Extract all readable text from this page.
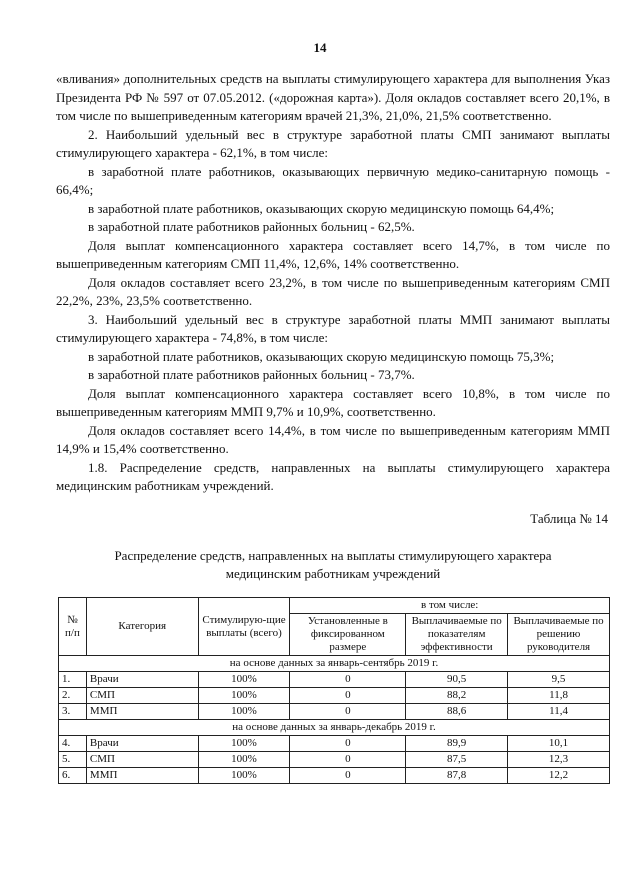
14

«вливания» дополнительных средств на выплаты стимулирующего характера для выполнения Указ Президента РФ № 597 от 07.05.2012. («дорожная карта»). Доля окладов составляет всего 20,1%, в том числе по вышеприведенным категориям врачей 21,3%, 21,0%, 21,5% соответственно.

2. Наибольший удельный вес в структуре заработной платы СМП занимают выплаты стимулирующего характера - 62,1%, в том числе:

в заработной плате работников, оказывающих первичную медико-санитарную помощь - 66,4%;

в заработной плате работников, оказывающих скорую медицинскую помощь 64,4%;

в заработной плате работников районных больниц - 62,5%.

Доля выплат компенсационного характера составляет всего 14,7%, в том числе по вышеприведенным категориям СМП 11,4%, 12,6%, 14% соответственно.

Доля окладов составляет всего 23,2%, в том числе по вышеприведенным категориям СМП 22,2%, 23%, 23,5% соответственно.

3. Наибольший удельный вес в структуре заработной платы ММП занимают выплаты стимулирующего характера - 74,8%, в том числе:

в заработной плате работников, оказывающих скорую медицинскую помощь 75,3%;

в заработной плате работников районных больниц - 73,7%.

Доля выплат компенсационного характера составляет всего 10,8%, в том числе по вышеприведенным категориям ММП 9,7% и 10,9%, соответственно.

Доля окладов составляет всего 14,4%, в том числе по вышеприведенным категориям ММП 14,9% и 15,4% соответственно.

1.8. Распределение средств, направленных на выплаты стимулирующего характера медицинским работникам учреждений.

Таблица № 14
Распределение средств, направленных на выплаты стимулирующего характера
медицинским работникам учреждений
№ п/п	Категория	Стимулирую-щие выплаты (всего)	в том числе:		
			Установленные в фиксированном размере	Выплачиваемые по показателям эффективности	Выплачиваемые по решению руководителя
на основе данных за январь-сентябрь 2019 г.					
1.	Врачи	100%	0	90,5	9,5
2.	СМП	100%	0	88,2	11,8
3.	ММП	100%	0	88,6	11,4
на основе данных за январь-декабрь 2019 г.					
4.	Врачи	100%	0	89,9	10,1
5.	СМП	100%	0	87,5	12,3
6.	ММП	100%	0	87,8	12,2
